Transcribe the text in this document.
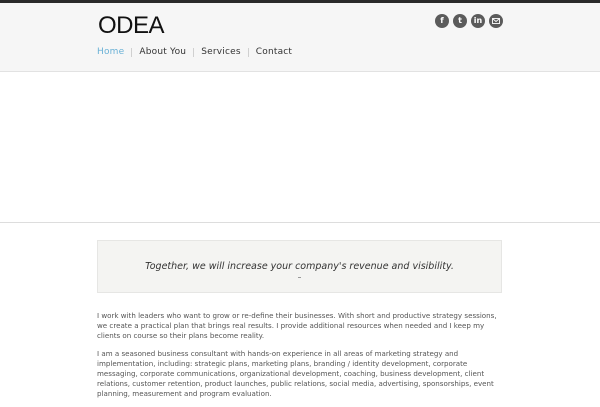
ODEA	f	t	in
Home	About You	Services	Contact
Together, we will increase your company's revenue and visibility.

I work with leaders who want to grow or re-define their businesses. With short and productive strategy sessions, we create a practical plan that brings real results. I provide additional resources when needed and I keep my clients on course so their plans become reality.

I am a seasoned business consultant with hands-on experience in all areas of marketing strategy and implementation, including: strategic plans, marketing plans, branding / identity development, corporate messaging, corporate communications, organizational development, coaching, business development, client relations, customer retention, product launches, public relations, social media, advertising, sponsorships, event planning, measurement and program evaluation.
